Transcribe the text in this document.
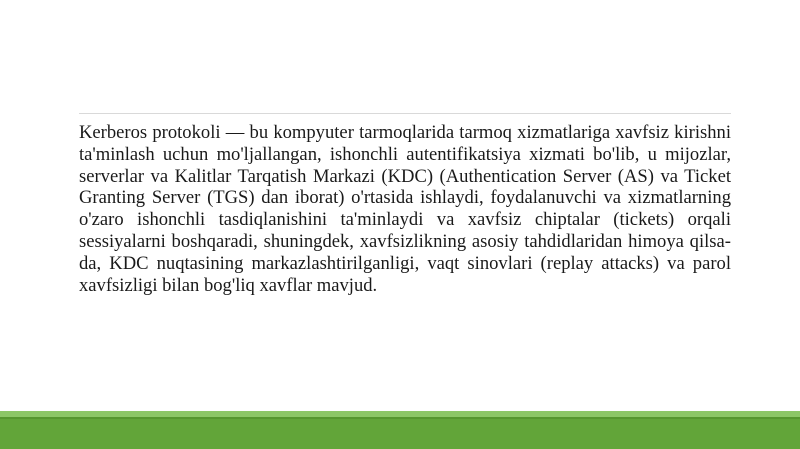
Kerberos protokoli — bu kompyuter tarmoqlarida tarmoq xizmatlariga xavfsiz kirishni ta'minlash uchun mo'ljallangan, ishonchli autentifikatsiya xizmati bo'lib, u mijozlar, serverlar va Kalitlar Tarqatish Markazi (KDC) (Authentication Server (AS) va Ticket Granting Server (TGS) dan iborat) o'rtasida ishlaydi, foydalanuvchi va xizmatlarning o'zaro ishonchli tasdiqlanishini ta'minlaydi va xavfsiz chiptalar (tickets) orqali sessiyalarni boshqaradi, shuningdek, xavfsizlikning asosiy tahdidlaridan himoya qilsa-da, KDC nuqtasining markazlashtirilganligi, vaqt sinovlari (replay attacks) va parol xavfsizligi bilan bog'liq xavflar mavjud.
